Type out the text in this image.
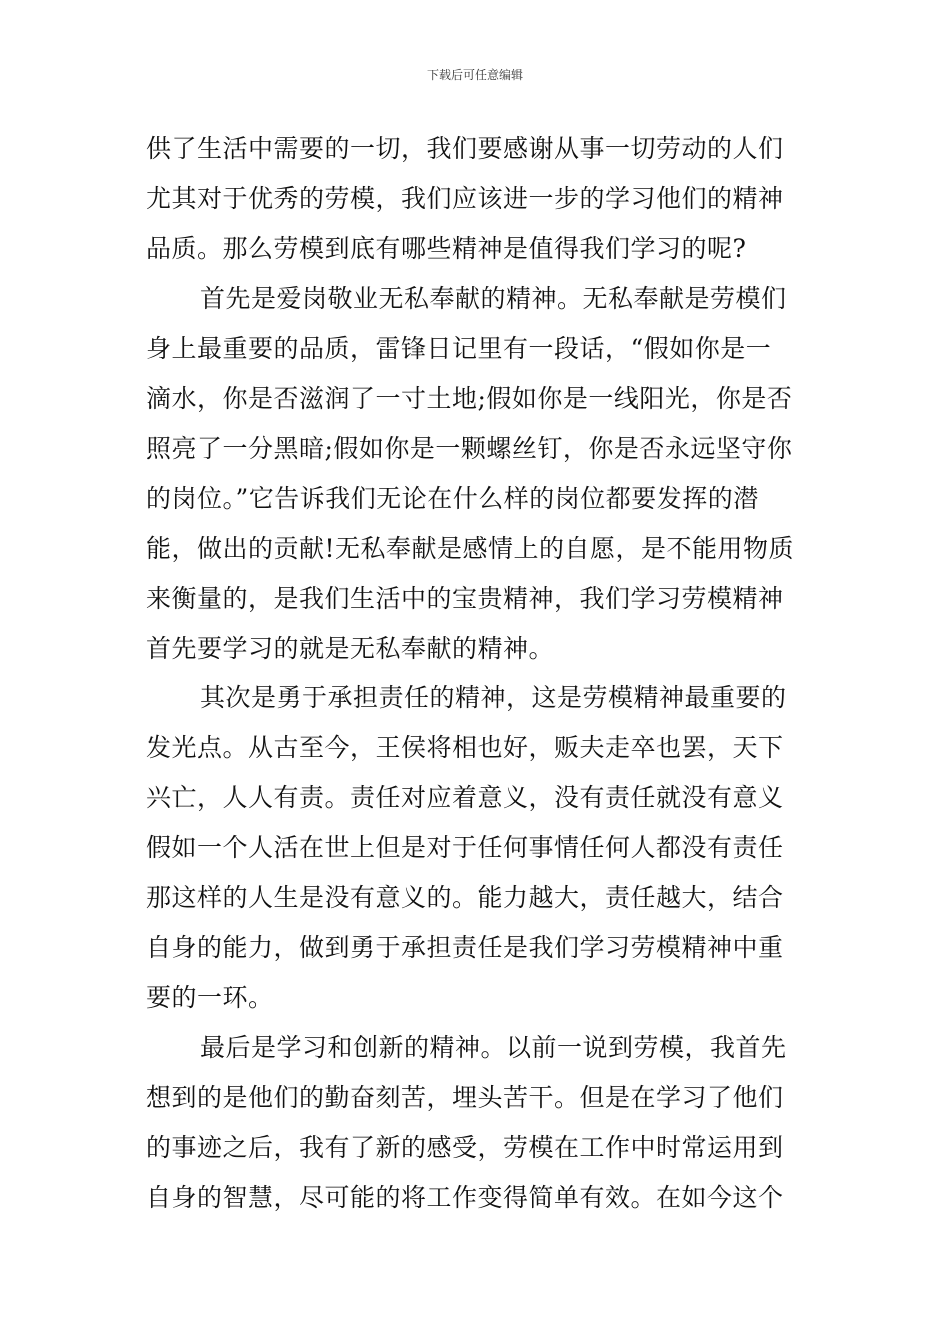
下载后可任意编辑
供了生活中需要的一切，我们要感谢从事一切劳动的人们
尤其对于优秀的劳模，我们应该进一步的学习他们的精神
品质。那么劳模到底有哪些精神是值得我们学习的呢?
首先是爱岗敬业无私奉献的精神。无私奉献是劳模们
身上最重要的品质，雷锋日记里有一段话，“假如你是一
滴水，你是否滋润了一寸土地;假如你是一线阳光，你是否
照亮了一分黑暗;假如你是一颗螺丝钉，你是否永远坚守你
的岗位。”它告诉我们无论在什么样的岗位都要发挥的潜
能，做出的贡献!无私奉献是感情上的自愿，是不能用物质
来衡量的，是我们生活中的宝贵精神，我们学习劳模精神
首先要学习的就是无私奉献的精神。
其次是勇于承担责任的精神，这是劳模精神最重要的
发光点。从古至今，王侯将相也好，贩夫走卒也罢，天下
兴亡，人人有责。责任对应着意义，没有责任就没有意义
假如一个人活在世上但是对于任何事情任何人都没有责任
那这样的人生是没有意义的。能力越大，责任越大，结合
自身的能力，做到勇于承担责任是我们学习劳模精神中重
要的一环。
最后是学习和创新的精神。以前一说到劳模，我首先
想到的是他们的勤奋刻苦，埋头苦干。但是在学习了他们
的事迹之后，我有了新的感受，劳模在工作中时常运用到
自身的智慧，尽可能的将工作变得简单有效。在如今这个
